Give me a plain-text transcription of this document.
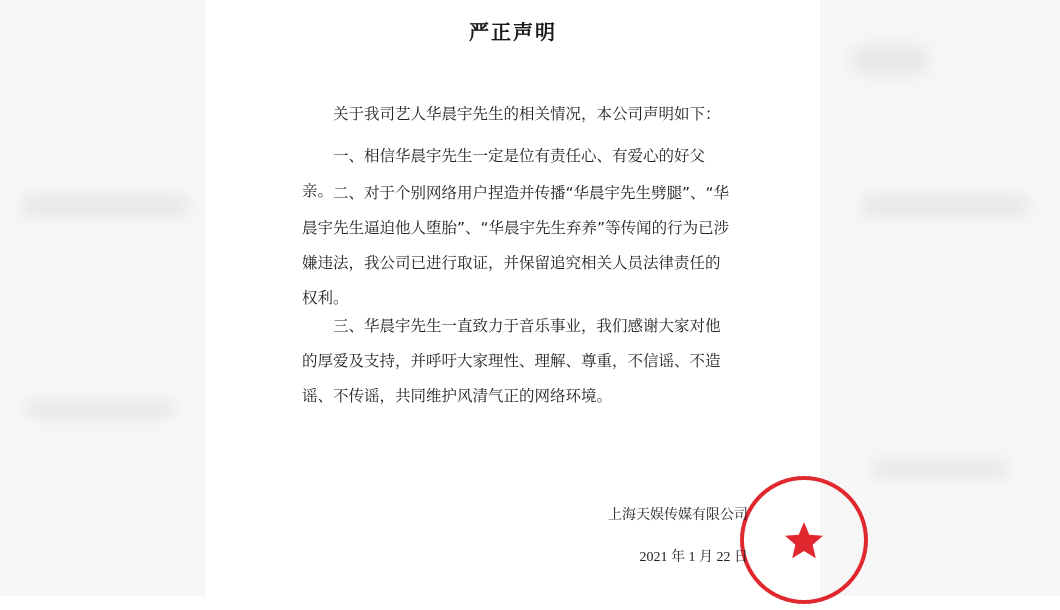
严正声明
关于我司艺人华晨宇先生的相关情况，本公司声明如下：
一、相信华晨宇先生一定是位有责任心、有爱心的好父亲。 二、对于个别网络用户捏造并传播“华晨宇先生劈腿”、“华晨宇先生逼迫他人堕胎”、“华晨宇先生弃养”等传闻的行为已涉嫌违法，我公司已进行取证，并保留追究相关人员法律责任的权利。
三、华晨宇先生一直致力于音乐事业，我们感谢大家对他的厚爱及支持，并呼吁大家理性、理解、尊重，不信谣、不造谣、不传谣，共同维护风清气正的网络环境。
上海天娱传媒有限公司
2021 年 1 月 22 日
